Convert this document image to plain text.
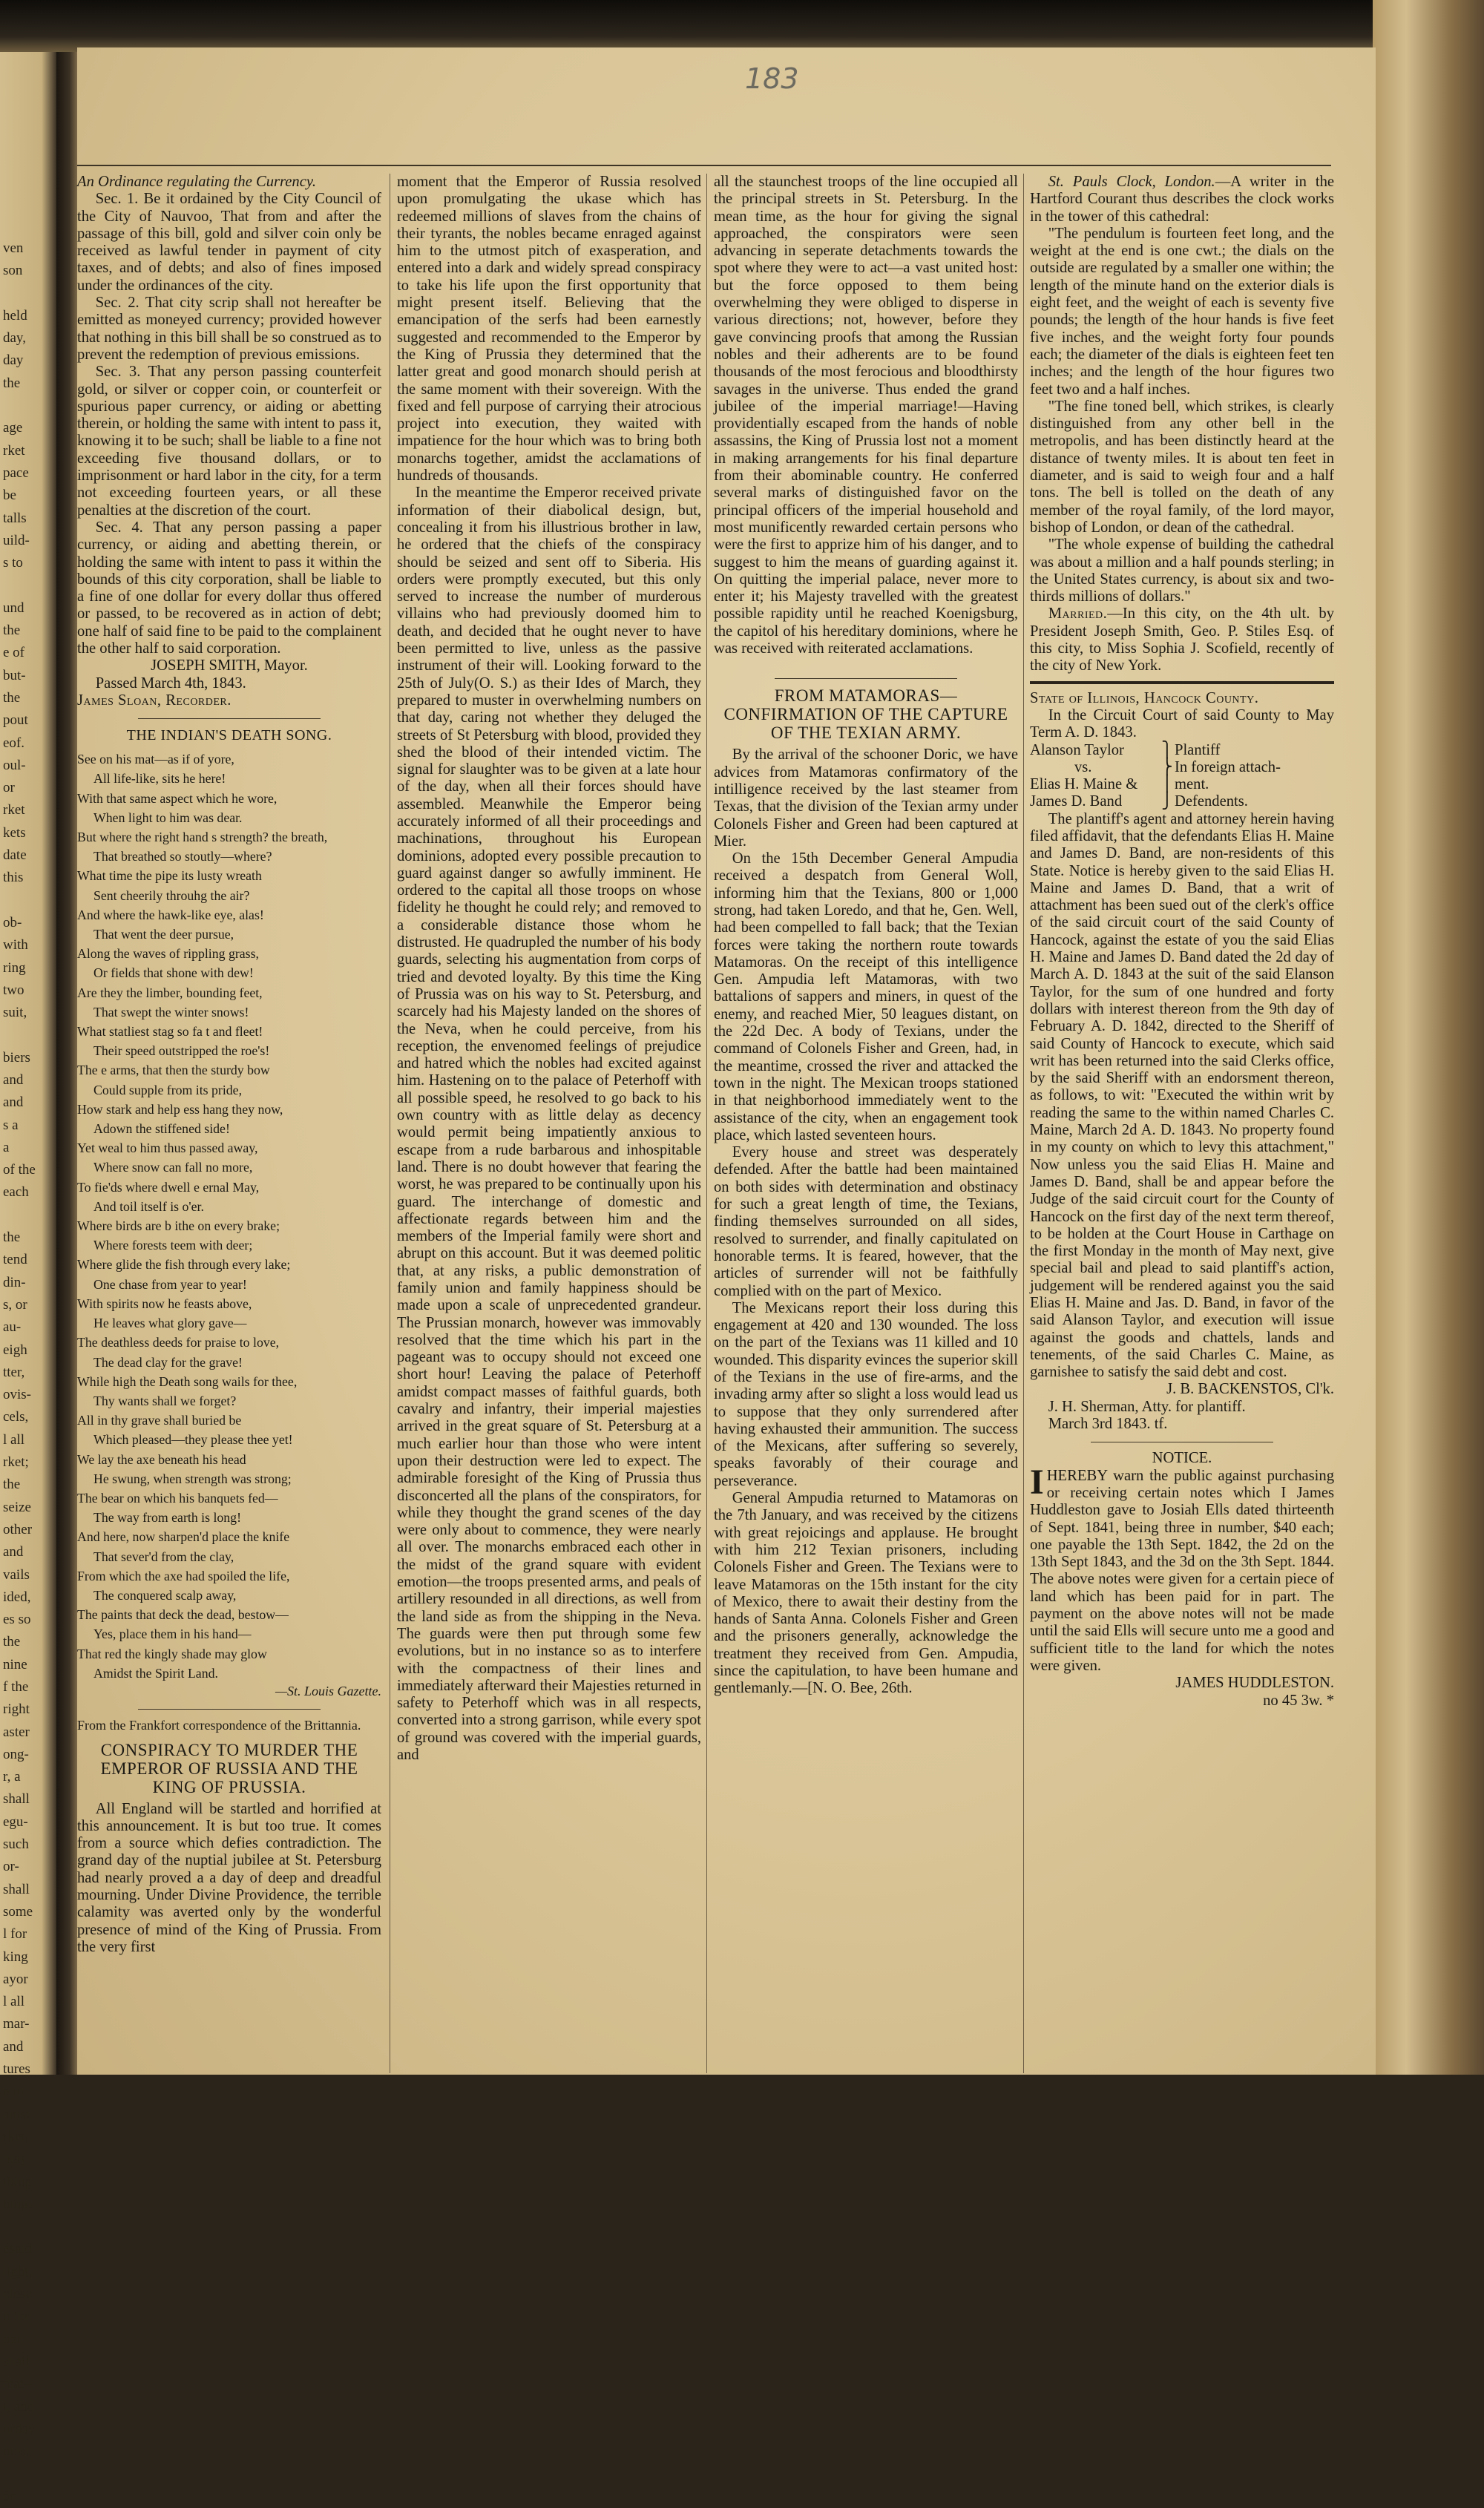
ven
son

held
day,
day
the

age
rket
pace
be
talls
uild-
s to

und
the
e of
but-
the
pout
eof.
oul-
or
rket
kets
date
this

ob-
with
ring
two
suit,

biers
and
and
s a
a
of the
each

the
tend
din-
s, or
au-
eigh
tter,
ovis-
cels,
l all
rket;
the
seize
other
and
vails
ided,
es so
the
nine
f the
right
aster
ong-
r, a
shall
egu-
such
or-
shall
some
l for
king
ayor
l all
mar-
and
tures
e in-
ainst
rket,
may
thing
hings

esaid
light,
close
n the
mar-
shall
mar-
t, and
urday
ntest

or.
183

An Ordinance regulating the Currency.

Sec. 1. Be it ordained by the City Council of the City of Nauvoo, That from and after the passage of this bill, gold and silver coin only be received as lawful tender in payment of city taxes, and of debts; and also of fines imposed under the ordinances of the city.

Sec. 2. That city scrip shall not hereafter be emitted as moneyed currency; provided however that nothing in this bill shall be so construed as to prevent the redemption of previous emissions.

Sec. 3. That any person passing counterfeit gold, or silver or copper coin, or counterfeit or spurious paper currency, or aiding or abetting therein, or holding the same with intent to pass it, knowing it to be such; shall be liable to a fine not exceeding five thousand dollars, or to imprisonment or hard labor in the city, for a term not exceeding fourteen years, or all these penalties at the discretion of the court.

Sec. 4. That any person passing a paper currency, or aiding and abetting therein, or holding the same with intent to pass it within the bounds of this city corporation, shall be liable to a fine of one dollar for every dollar thus offered or passed, to be recovered as in action of debt; one half of said fine to be paid to the complainent the other half to said corporation.

JOSEPH SMITH, Mayor.

Passed March 4th, 1843.

James Sloan, Recorder.

THE INDIAN'S DEATH SONG.

See on his mat—as if of yore,
All life-like, sits he here!
With that same aspect which he wore,
When light to him was dear.
But where the right hand s strength? the breath,
That breathed so stoutly—where?
What time the pipe its lusty wreath
Sent cheerily throuhg the air?
And where the hawk-like eye, alas!
That went the deer pursue,
Along the waves of rippling grass,
Or fields that shone with dew!
Are they the limber, bounding feet,
That swept the winter snows!
What statliest stag so fa t and fleet!
Their speed outstripped the roe's!
The e arms, that then the sturdy bow
Could supple from its pride,
How stark and help ess hang they now,
Adown the stiffened side!
Yet weal to him thus passed away,
Where snow can fall no more,
To fie'ds where dwell e ernal May,
And toil itself is o'er.
Where birds are b ithe on every brake;
Where forests teem with deer;
Where glide the fish through every lake;
One chase from year to year!
With spirits now he feasts above,
He leaves what glory gave—
The deathless deeds for praise to love,
The dead clay for the grave!
While high the Death song wails for thee,
Thy wants shall we forget?
All in thy grave shall buried be
Which pleased—they please thee yet!
We lay the axe beneath his head
He swung, when strength was strong;
The bear on which his banquets fed—
The way from earth is long!
And here, now sharpen'd place the knife
That sever'd from the clay,
From which the axe had spoiled the life,
The conquered scalp away,
The paints that deck the dead, bestow—
Yes, place them in his hand—
That red the kingly shade may glow
Amidst the Spirit Land.

—St. Louis Gazette.

From the Frankfort correspondence of the Brittannia.

CONSPIRACY TO MURDER THE EMPEROR OF RUSSIA AND THE KING OF PRUSSIA.

All England will be startled and horrified at this announcement. It is but too true. It comes from a source which defies contradiction. The grand day of the nuptial jubilee at St. Petersburg had nearly proved a a day of deep and dreadful mourning. Under Divine Providence, the terrible calamity was averted only by the wonderful presence of mind of the King of Prussia. From the very first

moment that the Emperor of Russia resolved upon promulgating the ukase which has redeemed millions of slaves from the chains of their tyrants, the nobles became enraged against him to the utmost pitch of exasperation, and entered into a dark and widely spread conspiracy to take his life upon the first opportunity that might present itself. Believing that the emancipation of the serfs had been earnestly suggested and recommended to the Emperor by the King of Prussia they determined that the latter great and good monarch should perish at the same moment with their sovereign. With the fixed and fell purpose of carrying their atrocious project into execution, they waited with impatience for the hour which was to bring both monarchs together, amidst the acclamations of hundreds of thousands.

In the meantime the Emperor received private information of their diabolical design, but, concealing it from his illustrious brother in law, he ordered that the chiefs of the conspiracy should be seized and sent off to Siberia. His orders were promptly executed, but this only served to increase the number of murderous villains who had previously doomed him to death, and decided that he ought never to have been permitted to live, unless as the passive instrument of their will. Looking forward to the 25th of July(O. S.) as their Ides of March, they prepared to muster in overwhelming numbers on that day, caring not whether they deluged the streets of St Petersburg with blood, provided they shed the blood of their intended victim. The signal for slaughter was to be given at a late hour of the day, when all their forces should have assembled. Meanwhile the Emperor being accurately informed of all their proceedings and machinations, throughout his European dominions, adopted every possible precaution to guard against danger so awfully imminent. He ordered to the capital all those troops on whose fidelity he thought he could rely; and removed to a considerable distance those whom he distrusted. He quadrupled the number of his body guards, selecting his augmentation from corps of tried and devoted loyalty. By this time the King of Prussia was on his way to St. Petersburg, and scarcely had his Majesty landed on the shores of the Neva, when he could perceive, from his reception, the envenomed feelings of prejudice and hatred which the nobles had excited against him. Hastening on to the palace of Peterhoff with all possible speed, he resolved to go back to his own country with as little delay as decency would permit being impatiently anxious to escape from a rude barbarous and inhospitable land. There is no doubt however that fearing the worst, he was prepared to be continually upon his guard. The interchange of domestic and affectionate regards between him and the members of the Imperial family were short and abrupt on this account. But it was deemed politic that, at any risks, a public demonstration of family union and family happiness should be made upon a scale of unprecedented grandeur. The Prussian monarch, however was immovably resolved that the time which his part in the pageant was to occupy should not exceed one short hour! Leaving the palace of Peterhoff amidst compact masses of faithful guards, both cavalry and infantry, their imperial majesties arrived in the great square of St. Petersburg at a much earlier hour than those who were intent upon their destruction were led to expect. The admirable foresight of the King of Prussia thus disconcerted all the plans of the conspirators, for while they thought the grand scenes of the day were only about to commence, they were nearly all over. The monarchs embraced each other in the midst of the grand square with evident emotion—the troops presented arms, and peals of artillery resounded in all directions, as well from the land side as from the shipping in the Neva. The guards were then put through some few evolutions, but in no instance so as to interfere with the compactness of their lines and immediately afterward their Majesties returned in safety to Peterhoff which was in all respects, converted into a strong garrison, while every spot of ground was covered with the imperial guards, and

all the staunchest troops of the line occupied all the principal streets in St. Petersburg. In the mean time, as the hour for giving the signal approached, the conspirators were seen advancing in seperate detachments towards the spot where they were to act—a vast united host: but the force opposed to them being overwhelming they were obliged to disperse in various directions; not, however, before they gave convincing proofs that among the Russian nobles and their adherents are to be found thousands of the most ferocious and bloodthirsty savages in the universe. Thus ended the grand jubilee of the imperial marriage!—Having providentially escaped from the hands of noble assassins, the King of Prussia lost not a moment in making arrangements for his final departure from their abominable country. He conferred several marks of distinguished favor on the principal officers of the imperial household and most munificently rewarded certain persons who were the first to apprize him of his danger, and to suggest to him the means of guarding against it. On quitting the imperial palace, never more to enter it; his Majesty travelled with the greatest possible rapidity until he reached Koenigsburg, the capitol of his hereditary dominions, where he was received with reiterated acclamations.

FROM MATAMORAS—CONFIRMATION OF THE CAPTURE OF THE TEXIAN ARMY.

By the arrival of the schooner Doric, we have advices from Matamoras confirmatory of the intilligence received by the last steamer from Texas, that the division of the Texian army under Colonels Fisher and Green had been captured at Mier.

On the 15th December General Ampudia received a despatch from General Woll, informing him that the Texians, 800 or 1,000 strong, had taken Loredo, and that he, Gen. Well, had been compelled to fall back; that the Texian forces were taking the northern route towards Matamoras. On the receipt of this intelligence Gen. Ampudia left Matamoras, with two battalions of sappers and miners, in quest of the enemy, and reached Mier, 50 leagues distant, on the 22d Dec. A body of Texians, under the command of Colonels Fisher and Green, had, in the meantime, crossed the river and attacked the town in the night. The Mexican troops stationed in that neighborhood immediately went to the assistance of the city, when an engagement took place, which lasted seventeen hours.

Every house and street was desperately defended. After the battle had been maintained on both sides with determination and obstinacy for such a great length of time, the Texians, finding themselves surrounded on all sides, resolved to surrender, and finally capitulated on honorable terms. It is feared, however, that the articles of surrender will not be faithfully complied with on the part of Mexico.

The Mexicans report their loss during this engagement at 420 and 130 wounded. The loss on the part of the Texians was 11 killed and 10 wounded. This disparity evinces the superior skill of the Texians in the use of fire-arms, and the invading army after so slight a loss would lead us to suppose that they only surrendered after having exhausted their ammunition. The success of the Mexicans, after suffering so severely, speaks favorably of their courage and perseverance.

General Ampudia returned to Matamoras on the 7th January, and was received by the citizens with great rejoicings and applause. He brought with him 212 Texian prisoners, including Colonels Fisher and Green. The Texians were to leave Matamoras on the 15th instant for the city of Mexico, there to await their destiny from the hands of Santa Anna. Colonels Fisher and Green and the prisoners generally, acknowledge the treatment they received from Gen. Ampudia, since the capitulation, to have been humane and gentlemanly.—[N. O. Bee, 26th.

St. Pauls Clock, London.—A writer in the Hartford Courant thus describes the clock works in the tower of this cathedral:

"The pendulum is fourteen feet long, and the weight at the end is one cwt.; the dials on the outside are regulated by a smaller one within; the length of the minute hand on the exterior dials is eight feet, and the weight of each is seventy five pounds; the length of the hour hands is five feet five inches, and the weight forty four pounds each; the diameter of the dials is eighteen feet ten inches; and the length of the hour figures two feet two and a half inches.

"The fine toned bell, which strikes, is clearly distinguished from any other bell in the metropolis, and has been distinctly heard at the distance of twenty miles. It is about ten feet in diameter, and is said to weigh four and a half tons. The bell is tolled on the death of any member of the royal family, of the lord mayor, bishop of London, or dean of the cathedral.

"The whole expense of building the cathedral was about a million and a half pounds sterling; in the United States currency, is about six and two-thirds millions of dollars."

Married.—In this city, on the 4th ult. by President Joseph Smith, Geo. P. Stiles Esq. of this city, to Miss Sophia J. Scofield, recently of the city of New York.

State of Illinois, Hancock County.

In the Circuit Court of said County to May Term A. D. 1843.

Alanson Taylor
vs.
Elias H. Maine &
James D. Band
⎫
⎬
⎪
⎭
Plantiff
In foreign attach-
ment.
Defendents.

The plantiff's agent and attorney herein having filed affidavit, that the defendants Elias H. Maine and James D. Band, are non-residents of this State. Notice is hereby given to the said Elias H. Maine and James D. Band, that a writ of attachment has been sued out of the clerk's office of the said circuit court of the said County of Hancock, against the estate of you the said Elias H. Maine and James D. Band dated the 2d day of March A. D. 1843 at the suit of the said Elanson Taylor, for the sum of one hundred and forty dollars with interest thereon from the 9th day of February A. D. 1842, directed to the Sheriff of said County of Hancock to execute, which said writ has been returned into the said Clerks office, by the said Sheriff with an endorsment thereon, as follows, to wit: "Executed the within writ by reading the same to the within named Charles C. Maine, March 2d A. D. 1843. No property found in my county on which to levy this attachment," Now unless you the said Elias H. Maine and James D. Band, shall be and appear before the Judge of the said circuit court for the County of Hancock on the first day of the next term thereof, to be holden at the Court House in Carthage on the first Monday in the month of May next, give special bail and plead to said plantiff's action, judgement will be rendered against you the said Elias H. Maine and Jas. D. Band, in favor of the said Alanson Taylor, and execution will issue against the goods and chattels, lands and tenements, of the said Charles C. Maine, as garnishee to satisfy the said debt and cost.

J. B. BACKENSTOS, Cl'k.

J. H. Sherman, Atty. for plantiff.

March 3rd 1843. tf.

NOTICE.

IHEREBY warn the public against purchasing or receiving certain notes which I James Huddleston gave to Josiah Ells dated thirteenth of Sept. 1841, being three in number, $40 each; one payable the 13th Sept. 1842, the 2d on the 13th Sept 1843, and the 3d on the 3th Sept. 1844. The above notes were given for a certain piece of land which has been paid for in part. The payment on the above notes will not be made until the said Ells will secure unto me a good and sufficient title to the land for which the notes were given.

JAMES HUDDLESTON.

no 45 3w. *
